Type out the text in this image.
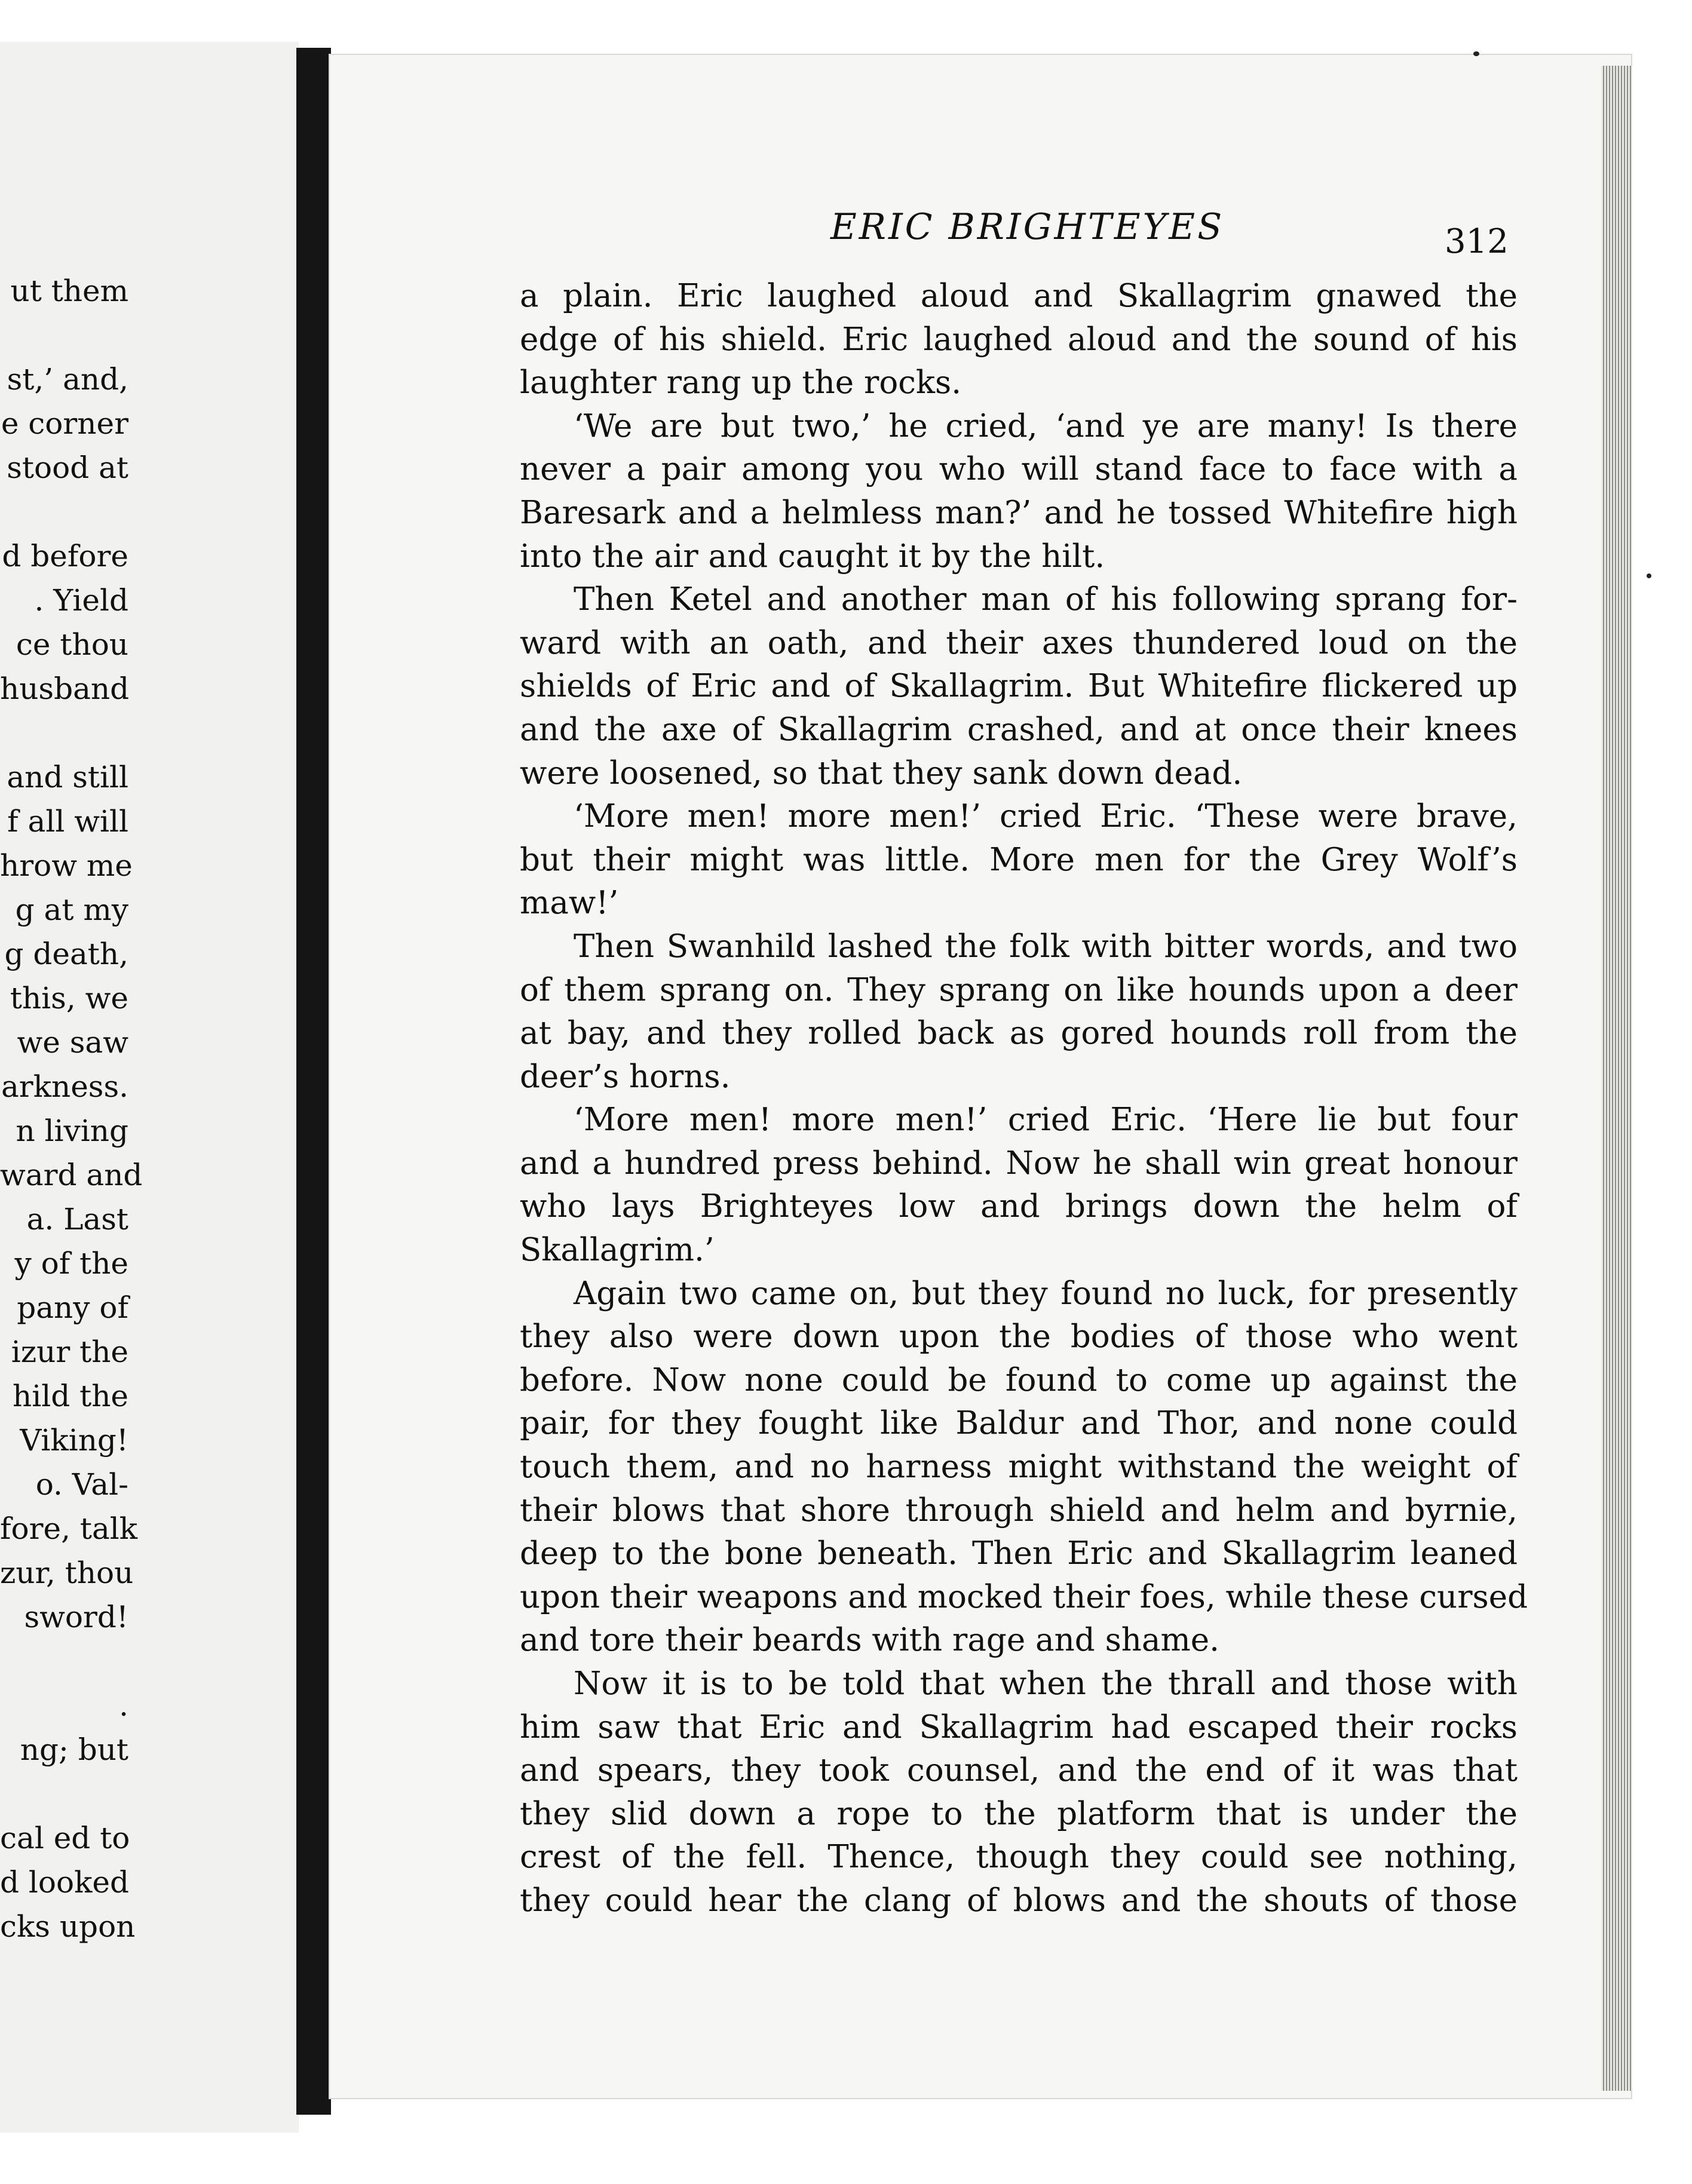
ut them
st,’ and,
e corner
stood at
d before
. Yield
ce thou
husband
and still
f all will
hrow me
g at my
g death,
this, we
we saw
arkness.
n living
ward and
a. Last
y of the
pany of
izur the
hild the
Viking!
o. Val-
fore, talk
zur, thou
sword!
.
ng; but
cal ed to
d looked
cks upon
ERIC BRIGHTEYES	312
a plain. Eric laughed aloud and Skallagrim gnawed the
edge of his shield. Eric laughed aloud and the sound of his
laughter rang up the rocks.
‘We are but two,’ he cried, ‘and ye are many! Is there
never a pair among you who will stand face to face with a
Baresark and a helmless man?’ and he tossed Whitefire high
into the air and caught it by the hilt.
Then Ketel and another man of his following sprang for-
ward with an oath, and their axes thundered loud on the
shields of Eric and of Skallagrim. But Whitefire flickered up
and the axe of Skallagrim crashed, and at once their knees
were loosened, so that they sank down dead.
‘More men! more men!’ cried Eric. ‘These were brave,
but their might was little. More men for the Grey Wolf’s
maw!’
Then Swanhild lashed the folk with bitter words, and two
of them sprang on. They sprang on like hounds upon a deer
at bay, and they rolled back as gored hounds roll from the
deer’s horns.
‘More men! more men!’ cried Eric. ‘Here lie but four
and a hundred press behind. Now he shall win great honour
who lays Brighteyes low and brings down the helm of
Skallagrim.’
Again two came on, but they found no luck, for presently
they also were down upon the bodies of those who went
before. Now none could be found to come up against the
pair, for they fought like Baldur and Thor, and none could
touch them, and no harness might withstand the weight of
their blows that shore through shield and helm and byrnie,
deep to the bone beneath. Then Eric and Skallagrim leaned
upon their weapons and mocked their foes, while these cursed
and tore their beards with rage and shame.
Now it is to be told that when the thrall and those with
him saw that Eric and Skallagrim had escaped their rocks
and spears, they took counsel, and the end of it was that
they slid down a rope to the platform that is under the
crest of the fell. Thence, though they could see nothing,
they could hear the clang of blows and the shouts of those
